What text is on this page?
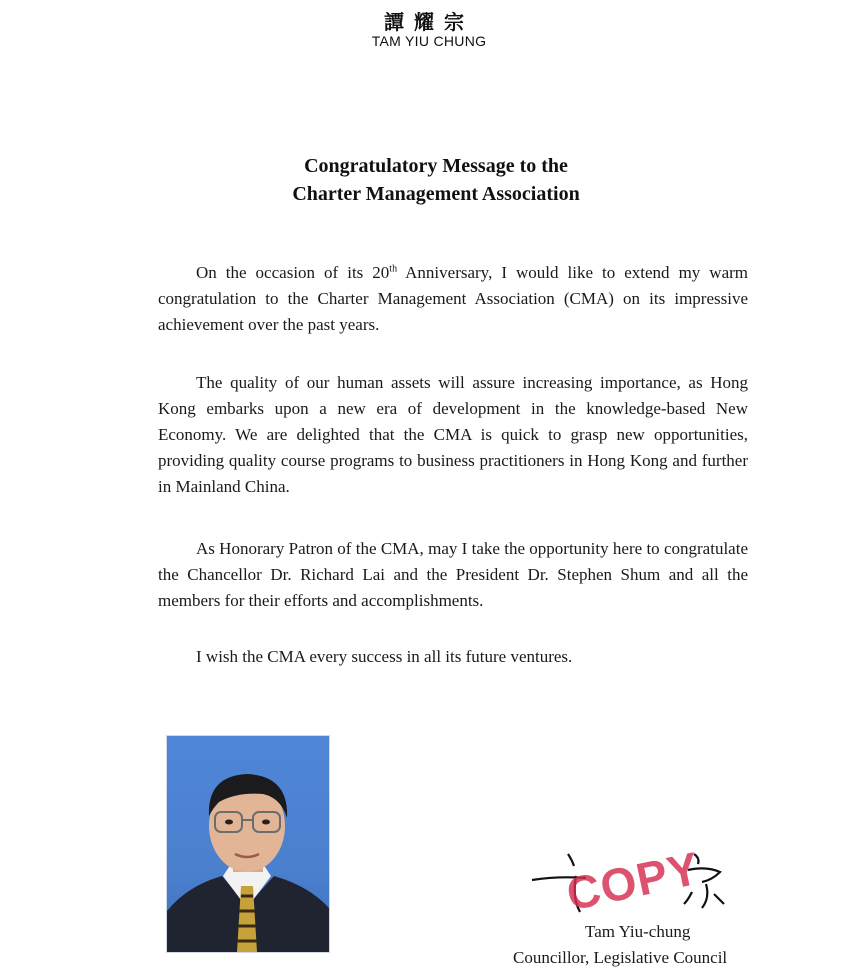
譚耀宗
TAM YIU CHUNG
Congratulatory Message to the
Charter Management Association
On the occasion of its 20th Anniversary, I would like to extend my warm congratulation to the Charter Management Association (CMA) on its impressive achievement over the past years.
The quality of our human assets will assure increasing importance, as Hong Kong embarks upon a new era of development in the knowledge-based New Economy. We are delighted that the CMA is quick to grasp new opportunities, providing quality course programs to business practitioners in Hong Kong and further in Mainland China.
As Honorary Patron of the CMA, may I take the opportunity here to congratulate the Chancellor Dr. Richard Lai and the President Dr. Stephen Shum and all the members for their efforts and accomplishments.
I wish the CMA every success in all its future ventures.
COPY
Tam Yiu-chung
Councillor, Legislative Council
